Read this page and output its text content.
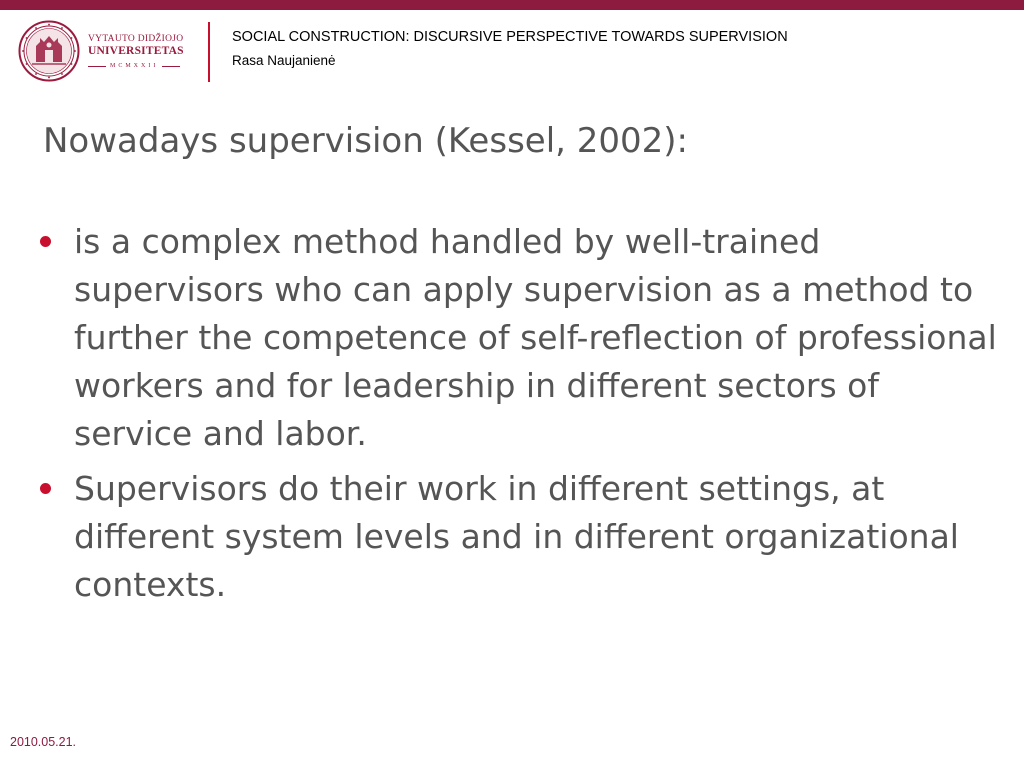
VYTAUTO DIDŽIOJO
UNIVERSITETAS
MCMXXII
SOCIAL CONSTRUCTION: DISCURSIVE PERSPECTIVE TOWARDS SUPERVISION
Rasa Naujanienė
Nowadays supervision (Kessel, 2002):
is a complex method handled by well-trained supervisors who can apply supervision as a method to further the competence of self-reflection of professional workers and for leadership in different sectors of service and labor.
Supervisors do their work in different settings, at different system levels and in different organizational contexts.
2010.05.21.
